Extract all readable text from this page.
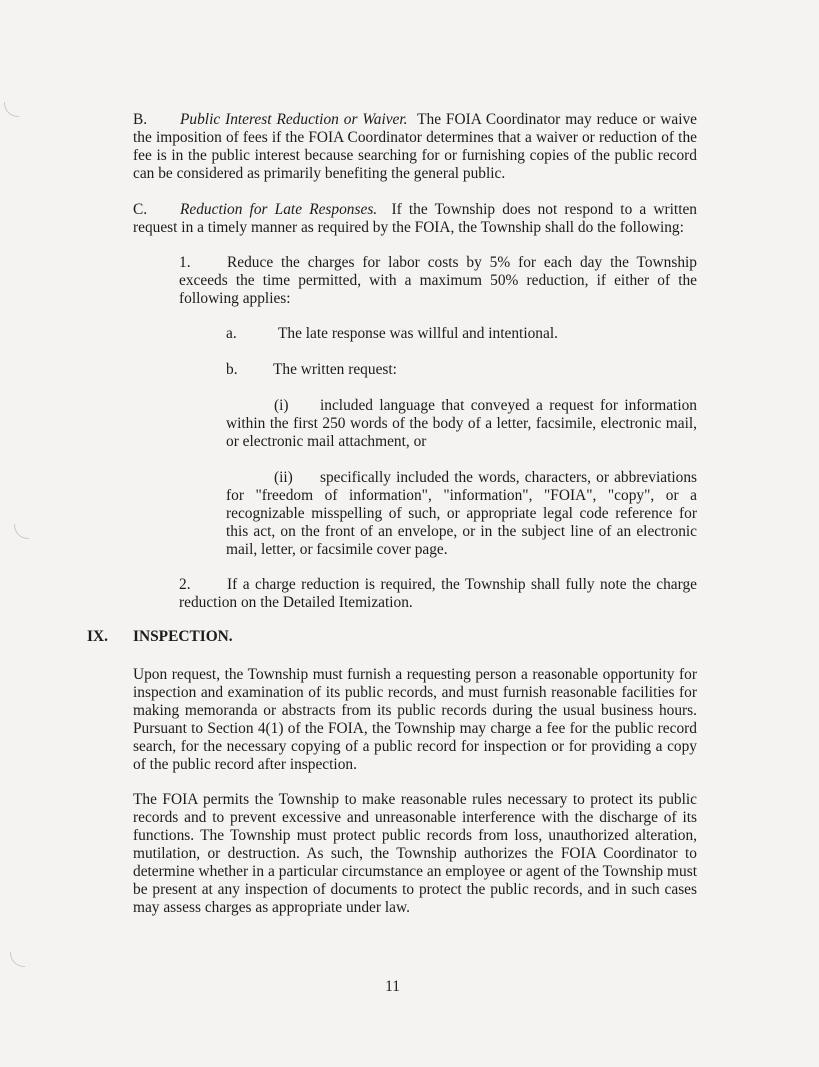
B. Public Interest Reduction or Waiver. The FOIA Coordinator may reduce or waive the imposition of fees if the FOIA Coordinator determines that a waiver or reduction of the fee is in the public interest because searching for or furnishing copies of the public record can be considered as primarily benefiting the general public.
C. Reduction for Late Responses. If the Township does not respond to a written request in a timely manner as required by the FOIA, the Township shall do the following:
1. Reduce the charges for labor costs by 5% for each day the Township exceeds the time permitted, with a maximum 50% reduction, if either of the following applies:
a.	The late response was willful and intentional.
b. The written request:
(i) included language that conveyed a request for information within the first 250 words of the body of a letter, facsimile, electronic mail, or electronic mail attachment, or
(ii) specifically included the words, characters, or abbreviations for "freedom of information", "information", "FOIA", "copy", or a recognizable misspelling of such, or appropriate legal code reference for this act, on the front of an envelope, or in the subject line of an electronic mail, letter, or facsimile cover page.
2. If a charge reduction is required, the Township shall fully note the charge reduction on the Detailed Itemization.
IX. INSPECTION.
Upon request, the Township must furnish a requesting person a reasonable opportunity for inspection and examination of its public records, and must furnish reasonable facilities for making memoranda or abstracts from its public records during the usual business hours. Pursuant to Section 4(1) of the FOIA, the Township may charge a fee for the public record search, for the necessary copying of a public record for inspection or for providing a copy of the public record after inspection.
The FOIA permits the Township to make reasonable rules necessary to protect its public records and to prevent excessive and unreasonable interference with the discharge of its functions. The Township must protect public records from loss, unauthorized alteration, mutilation, or destruction. As such, the Township authorizes the FOIA Coordinator to determine whether in a particular circumstance an employee or agent of the Township must be present at any inspection of documents to protect the public records, and in such cases may assess charges as appropriate under law.
11
